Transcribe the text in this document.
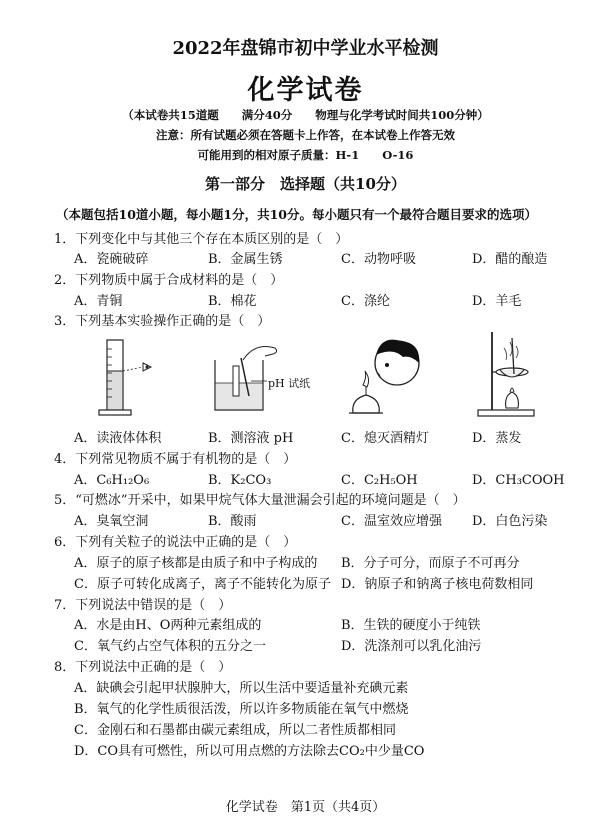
2022年盘锦市初中学业水平检测
化学试卷
（本试卷共15道题　　满分40分　　物理与化学考试时间共100分钟）
注意：所有试题必须在答题卡上作答，在本试卷上作答无效
可能用到的相对原子质量：H-1　　O-16
第一部分　选择题（共10分）
（本题包括10道小题，每小题1分，共10分。每小题只有一个最符合题目要求的选项）
1．下列变化中与其他三个存在本质区别的是（　）
A．瓷碗破碎	B．金属生锈	C．动物呼吸	D．醋的酿造
2．下列物质中属于合成材料的是（　）
A．青铜	B．棉花	C．涤纶	D．羊毛
3．下列基本实验操作正确的是（　）
pH 试纸
A．读液体体积	B．测溶液 pH	C．熄灭酒精灯	D．蒸发
4．下列常见物质不属于有机物的是（　）
A．C₆H₁₂O₆	B．K₂CO₃	C．C₂H₅OH	D．CH₃COOH
5．“可燃冰”开采中，如果甲烷气体大量泄漏会引起的环境问题是（　）
A．臭氧空洞	B．酸雨	C．温室效应增强 D．白色污染
6．下列有关粒子的说法中正确的是（　）
A．原子的原子核都是由质子和中子构成的 B．分子可分，而原子不可再分
C．原子可转化成离子，离子不能转化为原子 D．钠原子和钠离子核电荷数相同
7．下列说法中错误的是（　）
A．水是由H、O两种元素组成的	B．生铁的硬度小于纯铁
C．氧气约占空气体积的五分之一	D．洗涤剂可以乳化油污
8．下列说法中正确的是（　）
A．缺碘会引起甲状腺肿大，所以生活中要适量补充碘元素
B．氧气的化学性质很活泼，所以许多物质能在氧气中燃烧
C．金刚石和石墨都由碳元素组成，所以二者性质都相同
D．CO具有可燃性，所以可用点燃的方法除去CO₂中少量CO
化学试卷　第1页（共4页）
